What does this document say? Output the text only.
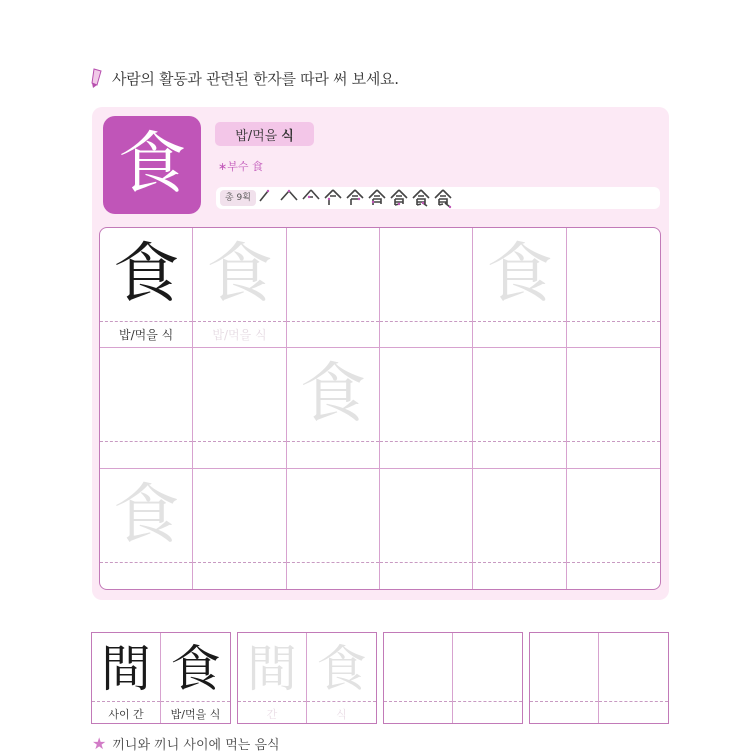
사람의 활동과 관련된 한자를 따라 써 보세요.
食	밥/먹을 식
∗부수 食
총 9획
食
밥/먹을 식
食
밥/먹을 식
食
食
食
間
사이 간
食
밥/먹을 식
間
간
食
식
★ 끼니와 끼니 사이에 먹는 음식
